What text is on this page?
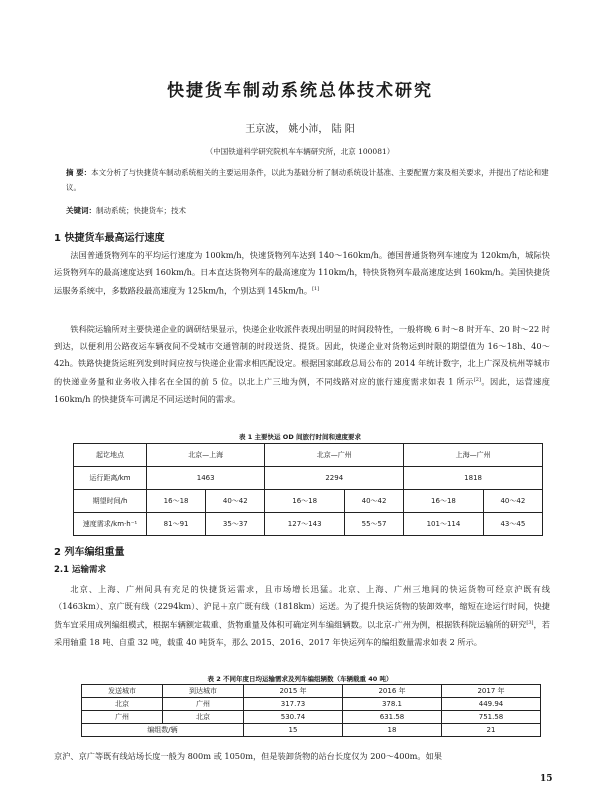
快捷货车制动系统总体技术研究
王京波， 姚小沛， 陆 阳
（中国铁道科学研究院机车车辆研究所，北京 100081）
摘 要：本文分析了与快捷货车制动系统相关的主要运用条件，以此为基础分析了制动系统设计基准、主要配置方案及相关要求，并提出了结论和建议。
关键词：制动系统；快捷货车；技术
1 快捷货车最高运行速度
法国普通货物列车的平均运行速度为 100km/h，快速货物列车达到 140～160km/h。德国普通货物列车速度为 120km/h，城际快运货物列车的最高速度达到 160km/h。日本直达货物列车的最高速度为 110km/h，特快货物列车最高速度达到 160km/h。美国快捷货运服务系统中，多数路段最高速度为 125km/h，个别达到 145km/h。[1]
铁科院运输所对主要快递企业的调研结果显示，快递企业收派件表现出明显的时间段特性，一般将晚 6 时～8 时开车、20 时～22 时到达，以便利用公路夜运车辆夜间不受城市交通管制的时段送货、提货。因此，快递企业对货物运到时限的期望值为 16～18h、40～42h。铁路快捷货运班列发到时间应按与快递企业需求相匹配设定。根据国家邮政总局公布的 2014 年统计数字，北上广深及杭州等城市的快递业务量和业务收入排名在全国的前 5 位。以北上广三地为例，不同线路对应的旅行速度需求如表 1 所示[2]。因此，运营速度 160km/h 的快捷货车可满足不同运送时间的需求。
表 1 主要快运 OD 间旅行时间和速度要求
起讫地点	北京—上海		北京—广州		上海—广州	
运行距离/km	1463		2294		1818	
期望时间/h	16～18	40～42	16～18	40～42	16～18	40～42
速度需求/km·h⁻¹	81～91	35～37	127～143	55～57	101～114	43～45
2 列车编组重量
2.1 运输需求
北京、上海、广州间具有充足的快捷货运需求，且市场增长迅猛。北京、上海、广州三地间的快运货物可经京沪既有线（1463km）、京广既有线（2294km）、沪昆＋京广既有线（1818km）运送。为了提升快运货物的装卸效率，缩短在途运行时间，快捷货车宜采用成列编组模式，根据车辆额定载重、货物重量及体积可确定列车编组辆数。以北京-广州为例，根据铁科院运输所的研究[3]，若采用轴重 18 吨、自重 32 吨，载重 40 吨货车，那么 2015、2016、2017 年快运列车的编组数量需求如表 2 所示。
表 2 不同年度日均运输需求及列车编组辆数（车辆载重 40 吨）
发送城市	到达城市	2015 年	2016 年	2017 年
北京	广州	317.73	378.1	449.94
广州	北京	530.74	631.58	751.58
编组数/辆		15	18	21
京沪、京广等既有线站场长度一般为 800m 或 1050m，但是装卸货物的站台长度仅为 200～400m。如果
15
